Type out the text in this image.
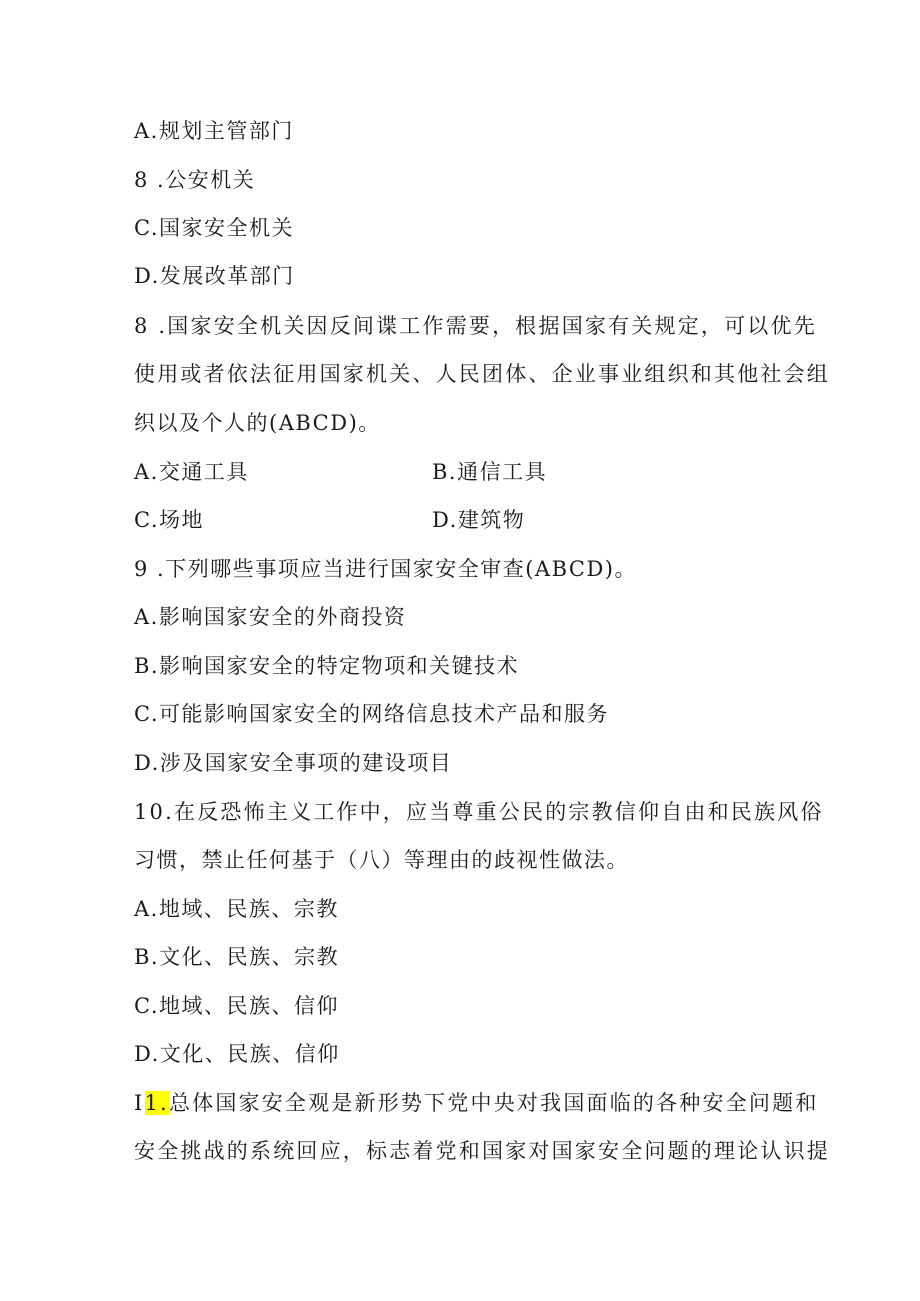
A.规划主管部门
8 .公安机关
C.国家安全机关
D.发展改革部门
8 .国家安全机关因反间谍工作需要，根据国家有关规定，可以优先
使用或者依法征用国家机关、人民团体、企业事业组织和其他社会组
织以及个人的(ABCD)。
A.交通工具	B.通信工具
C.场地	D.建筑物
9 .下列哪些事项应当进行国家安全审查(ABCD)。
A.影响国家安全的外商投资
B.影响国家安全的特定物项和关键技术
C.可能影响国家安全的网络信息技术产品和服务
D.涉及国家安全事项的建设项目
10.在反恐怖主义工作中，应当尊重公民的宗教信仰自由和民族风俗
习惯，禁止任何基于（八）等理由的歧视性做法。
A.地域、民族、宗教
B.文化、民族、宗教
C.地域、民族、信仰
D.文化、民族、信仰
I1.总体国家安全观是新形势下党中央对我国面临的各种安全问题和
安全挑战的系统回应，标志着党和国家对国家安全问题的理论认识提
